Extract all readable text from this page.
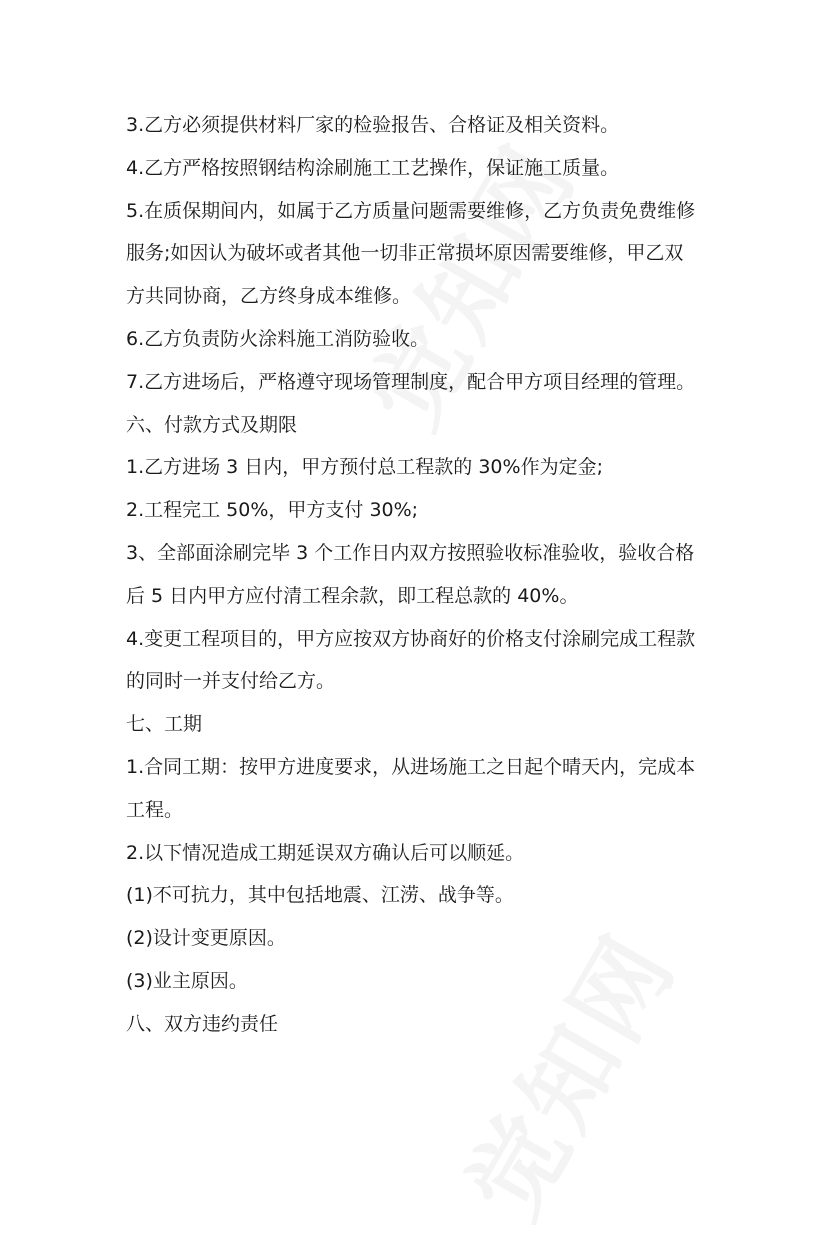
3.乙方必须提供材料厂家的检验报告、合格证及相关资料。
4.乙方严格按照钢结构涂刷施工工艺操作，保证施工质量。
5.在质保期间内，如属于乙方质量问题需要维修，乙方负责免费维修
服务;如因认为破坏或者其他一切非正常损坏原因需要维修，甲乙双
方共同协商，乙方终身成本维修。
6.乙方负责防火涂料施工消防验收。
7.乙方进场后，严格遵守现场管理制度，配合甲方项目经理的管理。
六、付款方式及期限
1.乙方进场 3 日内，甲方预付总工程款的 30%作为定金;
2.工程完工 50%，甲方支付 30%;
3、全部面涂刷完毕 3 个工作日内双方按照验收标准验收，验收合格
后 5 日内甲方应付清工程余款，即工程总款的 40%。
4.变更工程项目的，甲方应按双方协商好的价格支付涂刷完成工程款
的同时一并支付给乙方。
七、工期
1.合同工期：按甲方进度要求，从进场施工之日起个晴天内，完成本
工程。
2.以下情况造成工期延误双方确认后可以顺延。
(1)不可抗力，其中包括地震、江涝、战争等。
(2)设计变更原因。
(3)业主原因。
八、双方违约责任
